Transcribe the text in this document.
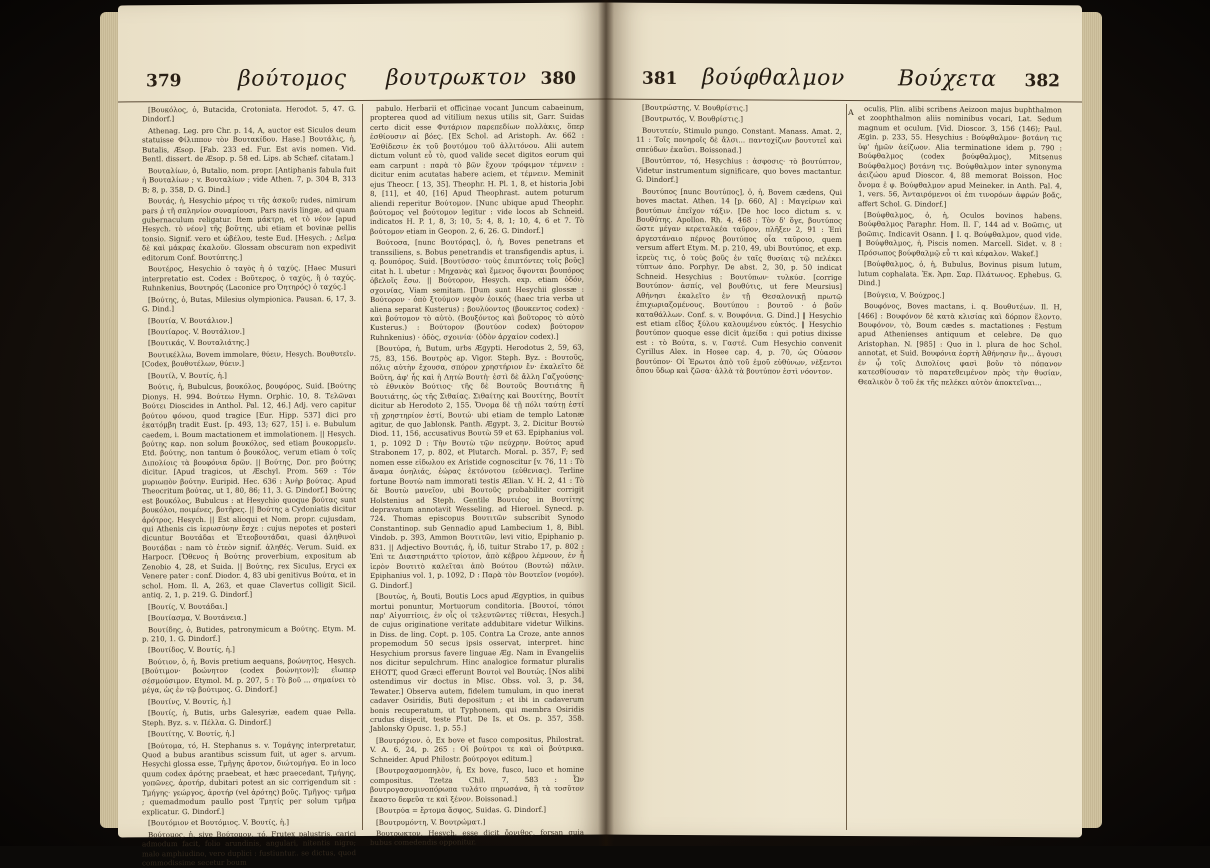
379	βούτομος βουτρωκτον 380

[Βουκόλος, ὁ, Butacida, Crotoniata. Herodot. 5, 47. G. Dindorf.]

Athenag. Leg. pro Chr. p. 14, A, auctor est Siculos deum statuisse Φίλιππον τὸν Βουτακίδου. Hase.] Βουτάλις, ἡ, Butalis, Æsop. [Fab. 233 ed. Fur. Est avis nomen. Vid. Bentl. dissert. de Æsop. p. 58 ed. Lips. ab Schæf. citatam.]

Βουταλίων, ὁ, Butalio, nom. propr. [Antiphanis fabula fuit ἡ Βουταλίων ; v. Βουταλίων ; vide Athen. 7, p. 304 B, 313 B; 8, p. 358, D. G. Dind.]

Βουτάς, ἡ, Hesychio μέρος τι τῆς ἀσκοῦ; rudes, nimirum pars ῥ τῆ σπληνίον συναμίουσι, Pars navis lingæ, ad quam gubernaculum religatur. Item μάκτρῃ, et τὸ νέον [apud Hesych. τὸ νέον] τῆς βοῦτης, ubi etiam et bovinæ pellis tonsio. Signif. vero et ὠβέλου, teste Eud. [Hesych. ; Δεῖμα δὲ καὶ μάκρας ἐκαλοῦν. Glossam obscuram non expedivit editorum Conf. Βουτύπτης.]

Βουτέρος, Hesychio ὁ ταγὸς ἡ ὁ ταχύς. [Haec Musuri interpretatio est. Codex : Βοῦτερος, ὁ ταχύς, ἢ ὁ ταχύς. Ruhnkenius, Βουτηρός (Laconice pro Ὀητηρός) ὁ ταχύς.]

[Βούτης, ὁ, Butas, Milesius olympionica. Pausan. 6, 17, 3. G. Dind.]

[Βουτία, V. Βουτάλιον.]

[Βουτίαρος. V. Βουτάλιον.]

[Βουτικάς, V. Βουταλιάτης.]

Βουτικέλλω, Bovem immolare, θύειν, Hesych. Βουθυτεῖν. [Codex, βουθυτέλων, θύειν.]

[Βουτίλ, V. Βουτίς, ἡ.]

Βούτις, ἡ, Bubulcus, βουκόλος, βουφόρος, Suid. [Βούτης Dionys. H. 994. Βούτεω Hymn. Orphic. 10, 8. Τελῶναι Βούτει Dioscides in Anthol. Pal. 12, 46.] Adj. vero capitur βούτου φόνου, quod tragice [Eur. Hipp. 537] dici pro ἐκατόμβη tradit Eust. [p. 493, 13; 627, 15] i. e. Bubulum caedem, i. Boum mactationem et immolationem. || Hesych. βούτης καρ. non solum βουκόλος, sed etiam βουκορμεῖν. Etd. βούτης, non tantum ὁ βουκόλος, verum etiam ὁ τοῖς Διπολίοις τὰ βουφόνια δρῶν. || Βούτης, Dor. pro βούτης dicitur. [Apud tragicos, ut Æschyl. Prom. 569 : Τόν μυριωπὸν βούτην. Euripid. Hec. 636 : Ἀνὴρ βούτας. Apud Theocritum βούτας, ut 1, 80, 86; 11, 3. G. Dindorf.] Βούτης est βουκόλος, Bubulcus : at Hesychio quoque βούτας sunt βουκόλοι, ποιμένες, βοτῆρες. || Βούτης a Cydoniatis dicitur ἀρότρος. Hesych. || Est alioqui et Nom. propr. cujusdam, qui Athenis cis ἱερωσύνην ἔσχε : cujus nepotes et posteri dicuntur Βουτάδαι et Ἐτεοβουτάδαι, quasi ἀληθινοὶ Βουτάδαι : nam τὸ ἐτεὸν signif. ἀληθές. Verum. Suid. ex Harpocr. [Ὄθενος ἡ Βούτης proverbium, expositum ab Zenobio 4, 28, et Suida. || Βούτης, rex Siculus, Eryci ex Venere pater : conf. Diodor. 4, 83 ubi genitivus Βούτα, et in schol. Hom. Il. A, 263, et quae Clavertus colligit Sicil. antiq. 2, 1, p. 219. G. Dindorf.]

[Βουτίς, V. Βουτάδαι.]

[Βουτίασμα, V. Βουτάνεια.]

Βουτίδης, ὁ, Butides, patronymicum a Βούτης. Etym. M. p. 210, 1. G. Dindorf.]

[Βουτίδος, V. Βουτίς, ἡ.]

Βούτιον, ὁ, ἡ, Bovis pretium aequans, βοώνητος, Hesych. [Βούτιμον· βοώνητον (codex βοώνητον)]; εἴωπερ σέσμούσιμον. Etymol. M. p. 207, 5 : Τὸ βοῦ ... σημαίνει τὸ μέγα, ὡς ἐν τῷ βούτιμος. G. Dindorf.]

[Βουτίνς, V. Βουτίς, ἡ.]

[Βουτίς, ἡ, Butis, urbs Galesyriæ, eadem quae Pella. Steph. Byz. s. v. Πέλλα. G. Dindorf.]

[Βουτίτης, V. Βουτίς, ἡ.]

[Βούτομα, τό, H. Stephanus s. v. Τομάγης interpretatur, Quod a bubus arantibus scissum fuit, ut ager s. arvum. Hesychi glossa esse, Τμῆγης ἄροτον, διώτομήγα. Eo in loco quum codex ἀρότης praebeat, et hæc praecedant, Τμήγης, γοπῶνες, ἀροτήρ, dubitari potest an sic corrigendum sit : Τμήγης· γεώργος, ἀροτήρ (vel ἀρότης) βοῦς. Τμῆγος· τμῆμα ; quemadmodum paullo post Τμητίς per solum τμῆμα explicatur. G. Dindorf.]

[Βουτόμιον et Βουτόμιος. V. Βουτίς, ἡ.]

Βούτομος, ἡ, sive Βούτομον, τό, Frutex palustris, carici admodum facit, folio arundinis, angulari, nitentis nigro; malo amphiudino, vero duplici : fustiuntur.. se dictus, quod commodissime secetur boum

pabulo. Herbarii et officinae vocant Juncum cabaeinum, propterea quod ad vitilium nexus utilis sit, Garr. Suidas certo dicit esse Φυτάριον παρεπεδίων πολλὰκις, ὅπερ ἐσθίουσιν αἱ βόες. [Ex Schol. ad Aristoph. Av. 662 : Ἐσθίδεσιν ἐκ τοῦ βουτόμου τοῦ ἀλλιτόνου. Alii autem dictum volunt εὖ τὸ, quod valide secet digitos eorum qui eam carpunt : παρὰ τὸ βῶν ἔχουν τρόφιμον τέμνειν : dicitur enim acutatas habere aciem, et τέμνειν. Meminit ejus Theocr. [ 13, 35]. Theophr. H. Pl. 1, 8, et historia Jobi 8, [11], et 40, [16] Apud Theophrast. autem poturum aliendi reperitur Βούτομον. [Nunc ubique apud Theophr. βούτομος vel βούτομον legitur : vide locos ab Schneid. indicatos H. P. 1, 8, 3; 10, 5; 4, 8, 1; 10, 4, 6 et 7. Τὸ βούτομον etiam in Geopon. 2, 6, 26. G. Dindorf.]

Βούτοσα, [nunc Βουτόρας], ὁ, ἡ, Boves penetrans et transsiliens, s. Bobus penetrandis et transfigendis aptus, i. q. βουπόρος. Suid. [Βουτύσσο· τοὺς ἐπιπτόντες τοῖς βοῦς] citat h. l. ubetur : Μηχανὰς καὶ ἔμενος ὄψονται βουπόρος ὀβελοῖς ἔσω. || Βούτορον, Hesych. exp. etiam ὁδόν, σχοινίας, Viam semitam. [Dum sunt Hesychii glossæ : Βούτορον · ὀπὸ ξτούμον νεφὸν ἐοικός (haec tria verba ut aliena separat Kusterus) : βουλύοντος (βουκεντος codex) · καὶ βούτομον τὸ αὐτὸ. (Βουξόντος καὶ βοῦτορος τὸ αὐτὸ Kusterus.) : Βούτορον (βουτύον codex) βούτορον Ruhnkenius) · ὁδὸς, σχοινία· (ὁδὸν ἀρχαίον codex).]

[Βουτύρα, ἡ, Butum, urbs Ægypti. Herodotus 2, 59, 63, 75, 83, 156. Βουτρὸς ap. Vigor. Steph. Byz. : Βουτοῦς, πόλις αὐτὴν ἔχουσα, σπόρον χρηστήριον ἔν· ἐκαλεῖτο δὲ Βοῦτη, ἀφ' ἧς καὶ ἡ Λητὼ Βουτὴ· ἐστὶ δὲ ἄλλη Γαζγούσης· τὸ ἐθνικὸν Βούτιος· τῆς δὲ Βουτοῦς Βουτιάτης ἢ Βουτιάτης, ὡς τῆς Σιθαίας. Σιθαίτης καὶ Βουτίτης, Βουτίτ dicitur ab Herodoto 2, 155. Ὄνομα δὲ τῇ πόλι ταύτῃ ἐστί τῇ χρηστηρίον ἐστί, Βουτώ· ubi etiam de templo Latonæ agitur, de quo Jablonsk. Panth. Ægypt. 3, 2. Dicitur Βουτώ Diod. 11, 156, accusativus Βουτὼ 59 et 63. Epiphanius vol. 1, p. 1092 D : Τὴν Βουτὼ τῷν πεύχρην. Βούτος apud Strabonem 17, p. 802, et Plutarch. Moral. p. 357, F; sed nomen esse εἰδωλου ex Aristide cognoscitur [v. 76, 11 : Τὸ ἄναμα ὀνηλιάς, ἐώρας ἐκτόνοτου (εὐθενιας). Terline fortune Βουτὼ nam immorati testis Ælian. V. H. 2, 41 : Τὸ δὲ Βουτὼ μανεῖον, ubi Βουτοῦς probabiliter corrigit Holstenius ad Steph. Gentile Βουτιέος in Βουτίτης depravatum annotavit Wesseling. ad Hieroel. Synecd. p. 724. Thomas episcopus Βουτιτῶν subscribit Synodo Constantinop. sub Gennadio apud Lambecium 1, 8, Bibl. Vindob. p. 393, Ammon Βουτιτῶν, levi vitio, Epiphanio p. 831. || Adjectivo Βουτιάς, ἡ, ἰδ, tuitur Strabo 17, p. 802 : Ἐπὶ τε Διαστηριάττο τρίοτον, ἀπὸ κέβρου λέμνουν, ἐν ἧ ἱερὸν Βουτιτὸ καλεῖται ἀπὸ Βούτου (Βουτώ) πάλιν. Epiphanius vol. 1, p. 1092, D : Παρὰ τὸν Βουτεῖον (νομόν). G. Dindorf.]

[Βουτὼς, ἡ, Bouti, Boutis Locs apud Ægyptios, in quibus mortui ponuntur, Mortuorum conditoria. [Βουτοί, τόποι παρ' Αἰγυπτίοις, ἐν οἷς οἱ τελευτῶντες τίθεται, Hesych.] de cujus originatione veritate addubitare videtur Wilkins. in Diss. de ling. Copt. p. 105. Contra La Croze, ante annos propemodum 50 secus ipsis osservat, interpret. hinc Hesychium prorsus favere linguae Æg. Nam in Evangeliis nos dicitur sepulchrum. Hinc analogice formatur pluralis EHOTT, quod Græci efferunt Βουτοὶ vel Βουτώς. [Nos alibi ostendimus vir doctus in Misc. Obss. vol. 3, p. 34, Tewater.] Observa autem, fidelem tumulum, in quo inerat cadaver Osiridis, Buti depositum ; et ibi in cadaverum bonis recuperatum, ut Typhonem, qui membra Osiridis crudus disjecit, teste Plut. De Is. et Os. p. 357, 358. Jablonsky Opusc. 1, p. 55.]

[Βουτρόχιον. ὁ, Ex bove et fusco compositus, Philostrat. V. A. 6, 24, p. 265 : Οἱ βούτροι τε καὶ οἱ βούτρικα. Schneider. Apud Philostr. βούτρογοι editum.]

[Βουτροχασμοπηλὸν, ἡ, Ex bove, fusco, luco et homine compositus. Tzetza Chil. 7, 583 : Ὦν βουτρογασομινοπόρωπα τυλάτο πηρωσάνα, ἢ τὰ τοσῦτον ἔκαστο δεφεῦα τε καὶ ξένον. Boissonad.]

[Βουτρύα = ἔρτομα ἄσφος, Suidas. G. Dindorf.]

[Βουτρυμόντη, V. Βουτρώματ.]

Βουτρωκτον, Hesych. esse dicit ὄρνιθος, forsan quia bubus comedendis opponitur.

381 βούφθαλμον Βούχετα 382

[Βουτρώστης, V. Βουθρίστις.]

[Βουτρωτός, V. Βουθρίστις.]

Βουτυτείν, Stimulo pungo. Constant. Manass. Amat. 2, 11 : Τοῖς πονηροῖς δὲ ἄλσι... παντοχίζων βουτυτεῖ καὶ σπεύδων ἐκαῦσι. Boissonad.]

[Βουτύπτον, τό, Hesychius : ἀσφοσις· τὸ βουτύπτον, Videtur instrumentum significare, quo boves mactantur. G. Dindorf.]

Βουτύπος [nunc Βουτύπος], ὁ, ἡ, Bovem cædens, Qui boves mactat. Athen. 14 [p. 660, A] : Μαγείρων καὶ βουτύπων ἐπεῖχον τάξιν. [De hoc loco dictum s. v. Βουθύτης. Apollon. Rh. 4, 468 : Τὸν δ' ὅγε, βουτύπος ὥστε μέγαν κερεταλκέα ταῦρον, πλῆξεν 2, 91 : Ἐπὶ ἀργεστάναιο πέρνος βουτύπος οἷα ταῦροιο, quem versum affert Etym. M. p. 210, 49, ubi Βουτύπος, et exp. ἱερεὺς τις, ὁ τοὺς βοῦς ἐν ταῖς θυσίαις τῷ πελέκει τύπτων ἀπο. Porphyr. De abst. 2, 30, p. 50 indicat Schneid. Hesychius : Βουτύπων· τυλκύσ. [corrige Βουτύπον· ἀσπίς, vel βουθύτις, ut fere Meursius] Αθήνησι ἐκαλεῖτο ἐν τῇ Θεσαλονικῇ πρωτῷ ἐπιχωριαζομένους. Βουτύπου : βουτοῦ · ὁ βοῦν καταθάλλων. Conf. s. v. Βουφόνια. G. Dind.] ‖ Hesychio est etiam εἴδος ξύλου καλουμένου εὐκτός. ‖ Hesychio βουτύπον quoque esse dicit ἀμείδα : qui potius dixisse est : τὸ Βούτα, s. v. Γαστέ. Cum Hesychio convenit Cyrillus Alex. in Hosee cap. 4, p. 70, ὡς Οὐασον βουτύπον· Οἱ Ἐρωτοι ἀπὸ τοῦ ἐμοῦ εὐθύνων, νὲξεντοι ὅπου ὕδωρ καὶ ζῶσα· ἀλλὰ τὰ βουτύπον ἐστὶ νόοντον.

A	oculis, Plin. alibi scribens Aeizoon majus buphthalmon et zoophthalmon aliis nominibus vocari, Lat. Sedum magnum et oculum. [Vid. Dioscor. 3, 156 (146); Paul. Ægin. p. 233, 55. Hesychius : Βούφθαλμον· βοτάνη τις ὑφ' ἡμῶν ἀείζωον. Alia terminatione idem p. 790 : Βούφθαλμος (codex βούφθαλμος), Mitsenus Βούφθαλμος) βοτάνη τις. Βούφθαλμον inter synonyma ἀειζώου apud Dioscor. 4, 88 memorat Boisson. Hoc ὄνομα ἐ φ. Βούφθαλμον apud Meineker. in Anth. Pal. 4, 1, vers. 56, Ἀνταιρόμενοι οἱ ἐπι τινορόων ἀφρών βοᾶς, affert Schol. G. Dindorf.]

[Βούφθαλμος, ὁ, ἡ, Oculos bovinos habens. Βούφθαλμος Paraphr. Hom. Il. Γ, 144 ad v. Βοῶπις, ut βοῶπις. Indicavit Osann. ‖ I. q. Βούφθαλμον, quod vide. ‖ Βούφθαλμος, ἡ, Piscis nomen. Marcell. Sidet. v. 8 : Πρόσωπος βούφθαλμῷ εὖ τι καὶ κέφαλον. Wakef.]

[Βούφθαλμος, ὁ, ἡ, Bubulus, Bovinus pisum lutum, lutum cophalata. Ἐκ. Ἁρπ. Σαρ. Πλάτωνος. Ephebus. G. Dind.]

[Βούγεια, V. Βούχρος.]

Βουφόνος, Boves mactans, i. q. Βουθυτέων. Il. Η, [466] : Βουφόνον δὲ κατὰ κλισίας καὶ δόρπον ἕλοντο. Βουφόνον, τὸ, Boum cædes s. mactationes : Festum apud Athenienses antiquum et celebre. De quo Aristophan. N. [985] : Quo in l. plura de hoc Schol. annotat, et Suid. Βουφόνια ἐορτὴ Ἀθήνησιν ἣν... ἄγουσι ἐν ᾧ τοῖς Διπολίοις φασὶ βοῦν τὸ πόπανον κατεσθίουσαν τὸ παρατεθειμένον πρὸς τὴν θυσίαν, Θεαλικὸν ὃ τοῦ ἐκ τῆς πελέκει αὐτὸν ἀποκτεῖναι...
